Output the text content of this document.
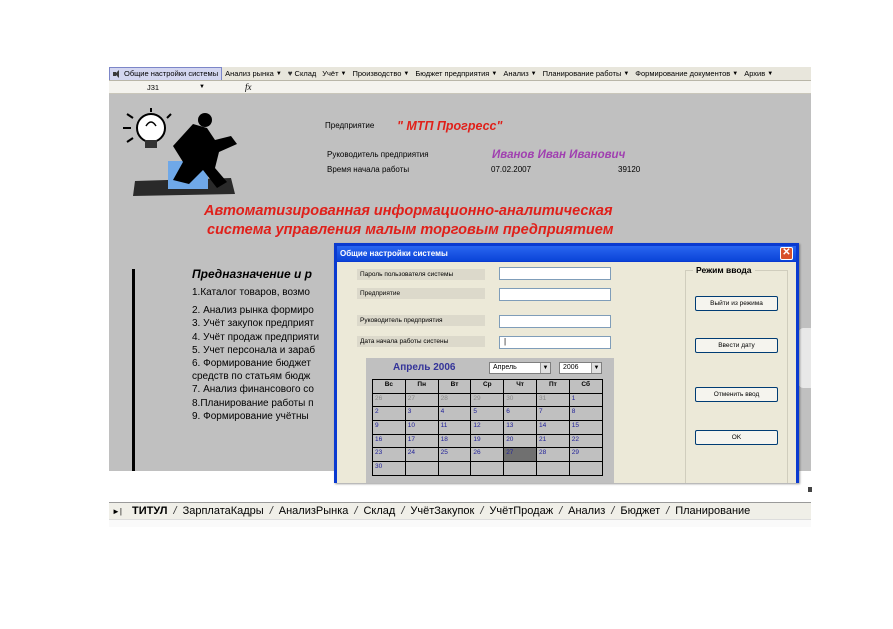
Общие настройки системы Анализ рынка ▼ ♥ Склад Учёт ▼ Производство ▼ Бюджет предприятия ▼ Анализ ▼ Планирование работы ▼ Формирование документов ▼ Архив ▼
J31	▼	fx
Предприятие " МТП Прогресс"
Руководитель предприятия	Иванов Иван Иванович
Время начала работы	07.02.2007	39120
Автоматизированная информационно-аналитическая
система управления малым торговым предприятием
Предназначение и р
1.Каталог товаров, возмо
2. Анализ рынка формиро
3. Учёт закупок предприят
4. Учёт продаж предприяти
5. Учет персонала и зараб
6. Формирование бюджет
средств по статьям бюдж
7. Анализ финансового со
8.Планирование работы п
9. Формирование учётны
Общие настройки системы	✕
Пароль пользователя системы
Предприятие
Руководитель предприятия
Дата начала работы систены	|
Режим ввода
Выйти из режима
Ввести дату
Отменить ввод
OK
Апрель 2006	Апрель	▼	2006	▼
Вс	Пн	Вт	Ср	Чт	Пт	Сб
26	27	28	29	30	31	1
2	3	4	5	6	7	8
9	10	11	12	13	14	15
16	17	18	19	20	21	22
23	24	25	26	27	28	29
30						
►| ТИТУЛ / ЗарплатаКадры / АнализРынка / Склад / УчётЗакупок / УчётПродаж / Анализ / Бюджет / Планирование
